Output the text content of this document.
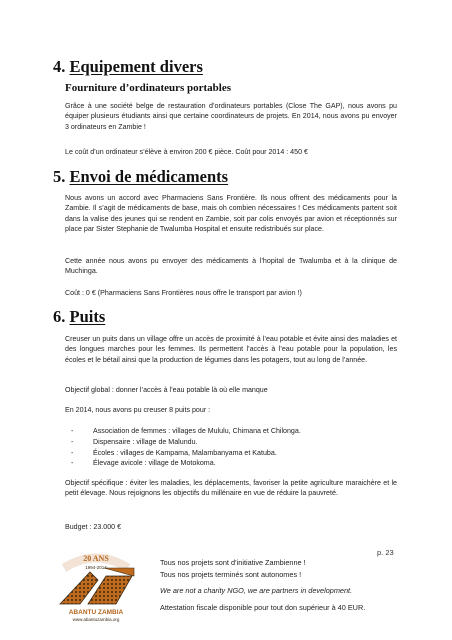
4. Equipement divers
Fourniture d’ordinateurs portables
Grâce à une société belge de restauration d’ordinateurs portables (Close The GAP), nous avons pu équiper plusieurs étudiants ainsi que certaine coordinateurs de projets. En 2014, nous avons pu envoyer 3 ordinateurs en Zambie !
Le coût d’un ordinateur s’élève à environ 200 € pièce. Coût pour 2014 : 450 €
5. Envoi de médicaments
Nous avons un accord avec Pharmaciens Sans Frontière. Ils nous offrent des médicaments pour la Zambie. Il s’agit de médicaments de base, mais oh combien nécessaires ! Ces médicaments partent soit dans la valise des jeunes qui se rendent en Zambie, soit par colis envoyés par avion et réceptionnés sur place par Sister Stephanie de Twalumba Hospital et ensuite redistribués sur place.
Cette année nous avons pu envoyer des médicaments à l’hopital de Twalumba et à la clinique de Muchinga.
Coût : 0 € (Pharmaciens Sans Frontières nous offre le transport par avion !)
6. Puits
Creuser un puits dans un village offre un accès de proximité à l’eau potable et évite ainsi des maladies et des longues marches pour les femmes. Ils permettent l’accès à l’eau potable pour la population, les écoles et le bétail ainsi que la production de légumes dans les potagers, tout au long de l’année.
Objectif global : donner l’accès à l’eau potable là où elle manque
En 2014, nous avons pu creuser 8 puits pour :
- Association de femmes : villages de Mululu, Chimana et Chilonga.
- Dispensaire : village de Malundu.
- Écoles : villages de Kampama, Malambanyama et Katuba.
- Élevage avicole : village de Motokoma.
Objectif spécifique : éviter les maladies, les déplacements, favoriser la petite agriculture maraichère et le petit élevage. Nous rejoignons les objectifs du millénaire en vue de réduire la pauvreté.
Budget : 23.000 €
p. 23
20 ANS
1994-2014
ABANTU ZAMBIA
www.abantuzambia.org
Tous nos projets sont d’initiative Zambienne !
Tous nos projets terminés sont autonomes !
We are not a charity NGO, we are partners in development.
Attestation fiscale disponible pour tout don supérieur à 40 EUR.
